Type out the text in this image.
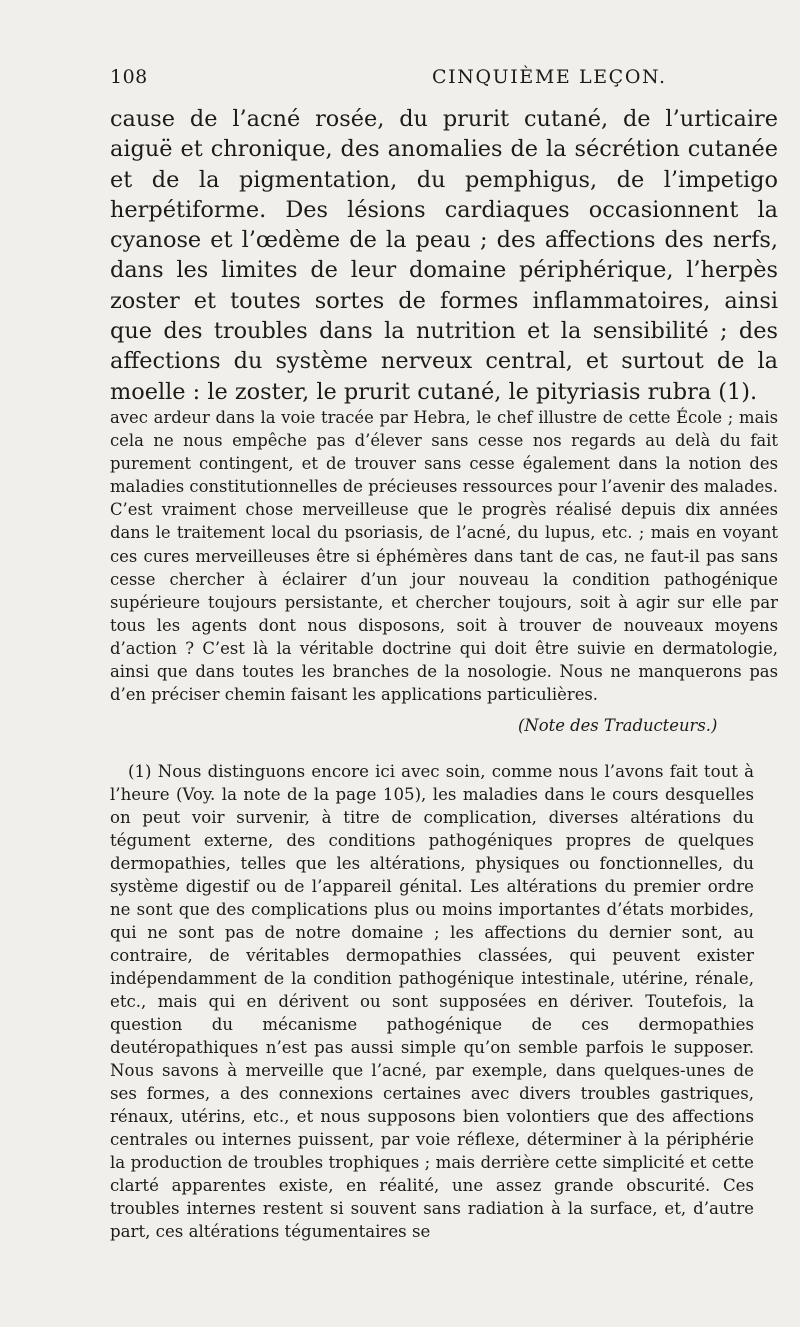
108	CINQUIÈME LEÇON.

cause de l’acné rosée, du prurit cutané, de l’urticaire aiguë et chronique, des anomalies de la sécrétion cutanée et de la pigmentation, du pemphigus, de l’impetigo herpétiforme. Des lésions cardiaques occasionnent la cyanose et l’œdème de la peau ; des affections des nerfs, dans les limites de leur domaine périphérique, l’herpès zoster et toutes sortes de formes inflammatoires, ainsi que des troubles dans la nutrition et la sensibilité ; des affections du système nerveux central, et surtout de la moelle : le zoster, le prurit cutané, le pityriasis rubra (1).

avec ardeur dans la voie tracée par Hebra, le chef illustre de cette École ; mais cela ne nous empêche pas d’élever sans cesse nos regards au delà du fait purement contingent, et de trouver sans cesse également dans la notion des maladies constitutionnelles de précieuses ressources pour l’avenir des malades. C’est vraiment chose merveilleuse que le progrès réalisé depuis dix années dans le traitement local du psoriasis, de l’acné, du lupus, etc. ; mais en voyant ces cures merveilleuses être si éphémères dans tant de cas, ne faut-il pas sans cesse chercher à éclairer d’un jour nouveau la condition pathogénique supérieure toujours persistante, et chercher toujours, soit à agir sur elle par tous les agents dont nous disposons, soit à trouver de nouveaux moyens d’action ? C’est là la véritable doctrine qui doit être suivie en dermatologie, ainsi que dans toutes les branches de la nosologie. Nous ne manquerons pas d’en préciser chemin faisant les applications particulières.

(Note des Traducteurs.)

(1) Nous distinguons encore ici avec soin, comme nous l’avons fait tout à l’heure (Voy. la note de la page 105), les maladies dans le cours desquelles on peut voir survenir, à titre de complication, diverses altérations du tégument externe, des conditions pathogéniques propres de quelques dermopathies, telles que les altérations, physiques ou fonctionnelles, du système digestif ou de l’appareil génital. Les altérations du premier ordre ne sont que des complications plus ou moins importantes d’états morbides, qui ne sont pas de notre domaine ; les affections du dernier sont, au contraire, de véritables dermopathies classées, qui peuvent exister indépendamment de la condition pathogénique intestinale, utérine, rénale, etc., mais qui en dérivent ou sont supposées en dériver. Toutefois, la question du mécanisme pathogénique de ces dermopathies deutéropathiques n’est pas aussi simple qu’on semble parfois le supposer. Nous savons à merveille que l’acné, par exemple, dans quelques-unes de ses formes, a des connexions certaines avec divers troubles gastriques, rénaux, utérins, etc., et nous supposons bien volontiers que des affections centrales ou internes puissent, par voie réflexe, déterminer à la périphérie la production de troubles trophiques ; mais derrière cette simplicité et cette clarté apparentes existe, en réalité, une assez grande obscurité. Ces troubles internes restent si souvent sans radiation à la surface, et, d’autre part, ces altérations tégumentaires se
